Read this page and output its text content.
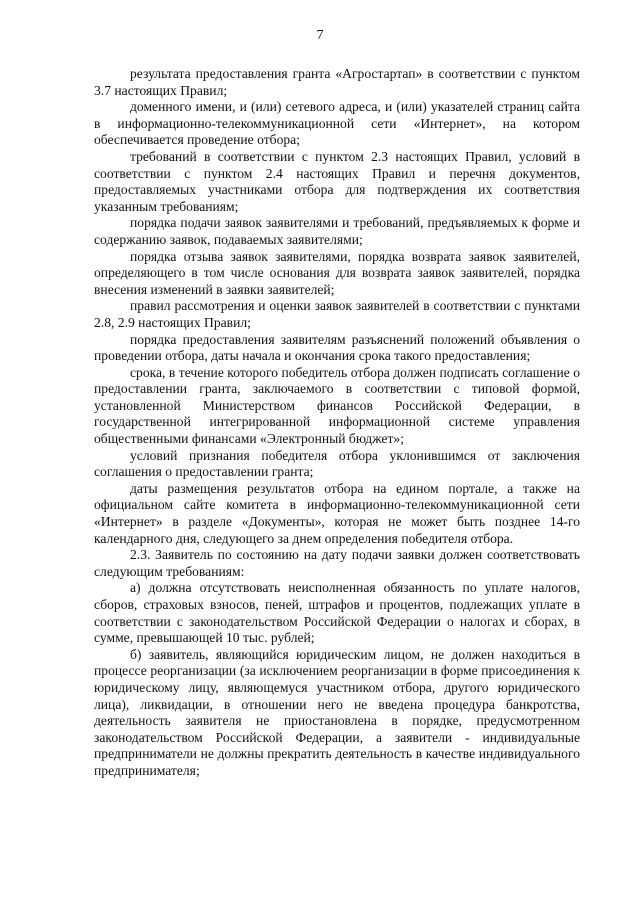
7

результата предоставления гранта «Агростартап» в соответствии с пунктом 3.7 настоящих Правил;

доменного имени, и (или) сетевого адреса, и (или) указателей страниц сайта в информационно-телекоммуникационной сети «Интернет», на котором обеспечивается проведение отбора;

требований в соответствии с пунктом 2.3 настоящих Правил, условий в соответствии с пунктом 2.4 настоящих Правил и перечня документов, предоставляемых участниками отбора для подтверждения их соответствия указанным требованиям;

порядка подачи заявок заявителями и требований, предъявляемых к форме и содержанию заявок, подаваемых заявителями;

порядка отзыва заявок заявителями, порядка возврата заявок заявителей, определяющего в том числе основания для возврата заявок заявителей, порядка внесения изменений в заявки заявителей;

правил рассмотрения и оценки заявок заявителей в соответствии с пунктами 2.8, 2.9 настоящих Правил;

порядка предоставления заявителям разъяснений положений объявления о проведении отбора, даты начала и окончания срока такого предоставления;

срока, в течение которого победитель отбора должен подписать соглашение о предоставлении гранта, заключаемого в соответствии с типовой формой, установленной Министерством финансов Российской Федерации, в государственной интегрированной информационной системе управления общественными финансами «Электронный бюджет»;

условий признания победителя отбора уклонившимся от заключения соглашения о предоставлении гранта;

даты размещения результатов отбора на едином портале, а также на официальном сайте комитета в информационно-телекоммуникационной сети «Интернет» в разделе «Документы», которая не может быть позднее 14-го календарного дня, следующего за днем определения победителя отбора.

2.3. Заявитель по состоянию на дату подачи заявки должен соответствовать следующим требованиям:

а) должна отсутствовать неисполненная обязанность по уплате налогов, сборов, страховых взносов, пеней, штрафов и процентов, подлежащих уплате в соответствии с законодательством Российской Федерации о налогах и сборах, в сумме, превышающей 10 тыс. рублей;

б) заявитель, являющийся юридическим лицом, не должен находиться в процессе реорганизации (за исключением реорганизации в форме присоединения к юридическому лицу, являющемуся участником отбора, другого юридического лица), ликвидации, в отношении него не введена процедура банкротства, деятельность заявителя не приостановлена в порядке, предусмотренном законодательством Российской Федерации, а заявители - индивидуальные предприниматели не должны прекратить деятельность в качестве индивидуального предпринимателя;
